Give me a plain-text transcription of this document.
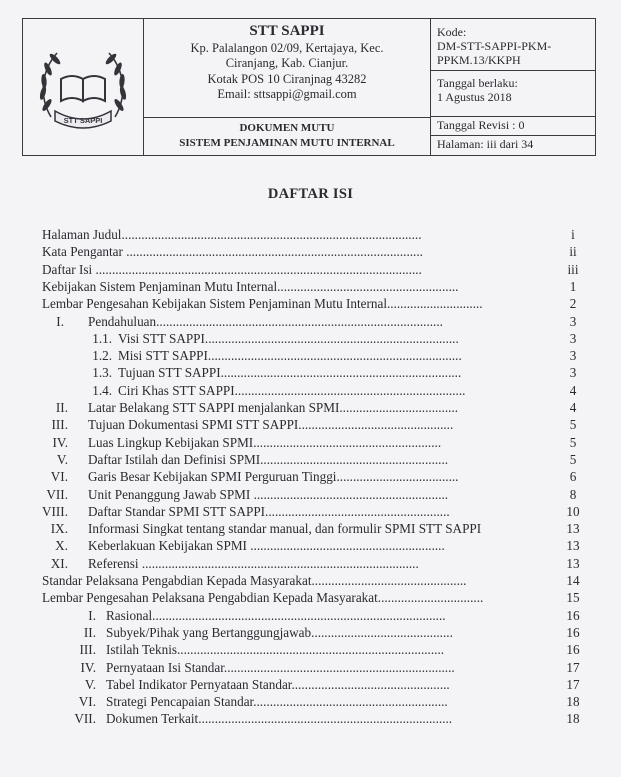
STT SAPPI
STT SAPPI
Kp. Palalangon 02/09, Kertajaya, Kec.
Ciranjang, Kab. Cianjur.
Kotak POS 10 Ciranjnag 43282
Email: sttsappi@gmail.com
DOKUMEN MUTU
SISTEM PENJAMINAN MUTU INTERNAL
Kode:
DM-STT-SAPPI-PKM-
PPKM.13/KKPH
Tanggal berlaku:
1 Agustus 2018
Tanggal Revisi : 0
Halaman: iii dari 34
DAFTAR ISI
Halaman Judul...........................................................................................	i
Kata Pengantar ..........................................................................................	ii
Daftar Isi ...................................................................................................	iii
Kebijakan Sistem Penjaminan Mutu Internal.......................................................	1
Lembar Pengesahan Kebijakan Sistem Penjaminan Mutu Internal.............................	2
I. Pendahuluan.......................................................................................	3
1.1. Visi STT SAPPI.............................................................................	3
1.2. Misi STT SAPPI.............................................................................	3
1.3. Tujuan STT SAPPI.........................................................................	3
1.4. Ciri Khas STT SAPPI......................................................................	4
II. Latar Belakang STT SAPPI menjalankan SPMI....................................	4
III. Tujuan Dokumentasi SPMI STT SAPPI...............................................	5
IV. Luas Lingkup Kebijakan SPMI.........................................................	5
V. Daftar Istilah dan Definisi SPMI.........................................................	5
VI. Garis Besar Kebijakan SPMI Perguruan Tinggi.....................................	6
VII. Unit Penanggung Jawab SPMI ...........................................................	8
VIII. Daftar Standar SPMI STT SAPPI........................................................	10
IX. Informasi Singkat tentang standar manual, dan formulir SPMI STT SAPPI	13
X. Keberlakuan Kebijakan SPMI ...........................................................	13
XI. Referensi ....................................................................................	13
Standar Pelaksana Pengabdian Kepada Masyarakat...............................................	14
Lembar Pengesahan Pelaksana Pengabdian Kepada Masyarakat................................	15
I. Rasional.........................................................................................	16
II. Subyek/Pihak yang Bertanggungjawab...........................................	16
III. Istilah Teknis.................................................................................	16
IV. Pernyataan Isi Standar......................................................................	17
V. Tabel Indikator Pernyataan Standar................................................	17
VI. Strategi Pencapaian Standar...........................................................	18
VII. Dokumen Terkait.............................................................................	18
